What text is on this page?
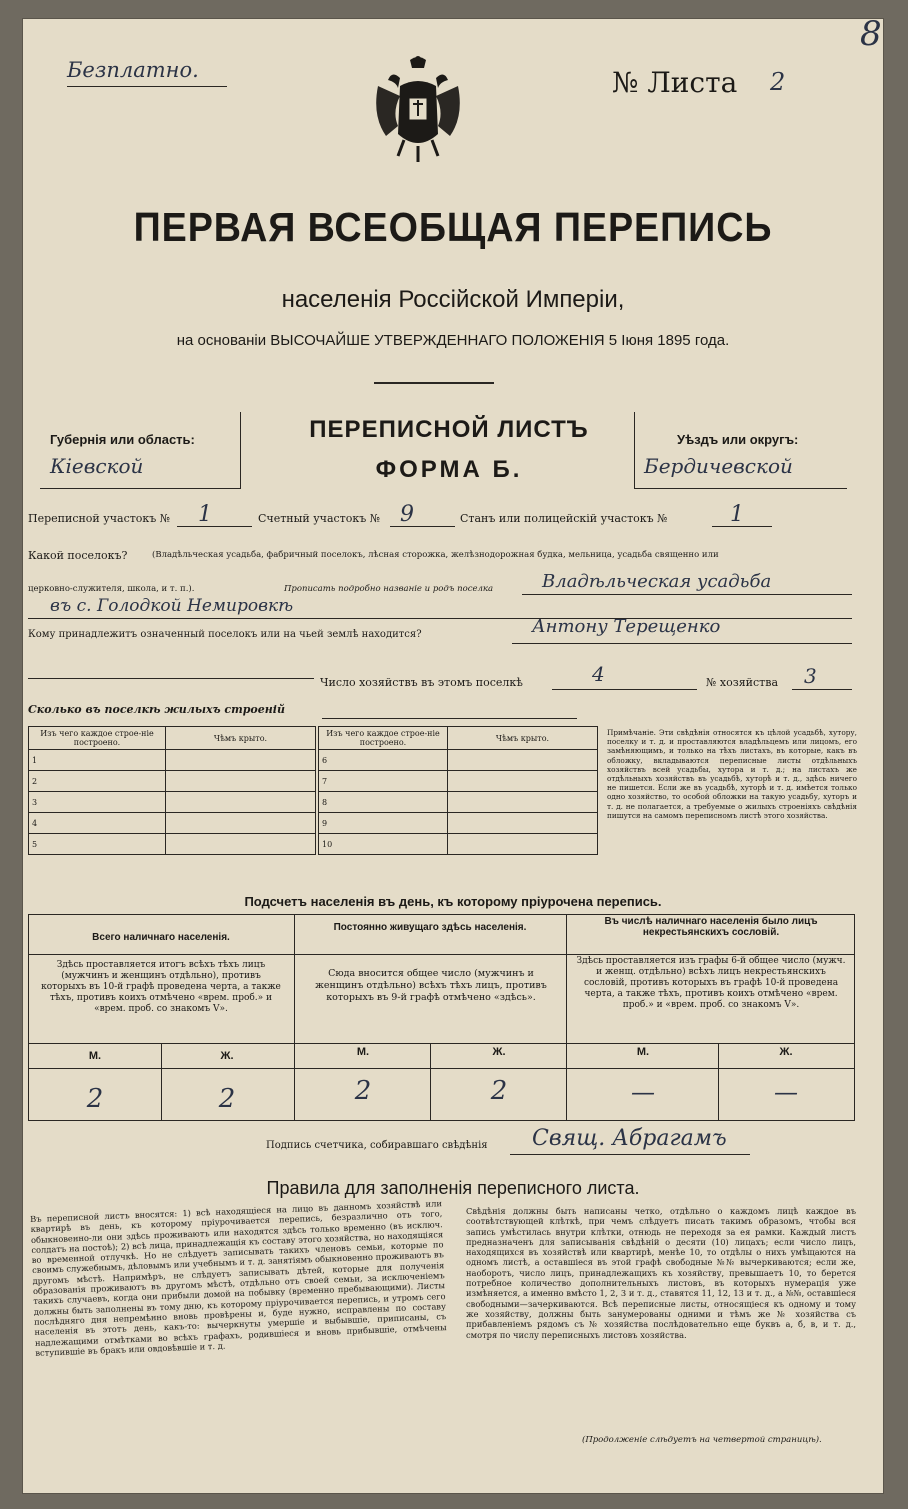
Безплатно.	№ Листа 2
8
ПЕРВАЯ ВСЕОБЩАЯ ПЕРЕПИСЬ
населенія Россійской Имперіи,
на основаніи ВЫСОЧАЙШЕ УТВЕРЖДЕННАГО ПОЛОЖЕНІЯ 5 Іюня 1895 года.
Губернія или область:
Кіевской
ПЕРЕПИСНОЙ ЛИСТЪ
ФОРМА Б.
Уѣздъ или округъ:
Бердичевской
Переписной участокъ № 1	Счетный участокъ № 9	Станъ или полицейскій участокъ №	1
Какой поселокъ?	(Владѣльческая усадьба, фабричный поселокъ, лѣсная сторожка, желѣзнодорожная будка, мельница, усадьба священно или
церковно-служителя, школа, и т. п.).	Прописать подробно названіе и родъ поселка	Владѣльческая усадьба
въ с. Голодкой Немировкѣ
Кому принадлежитъ означенный поселокъ или на чьей землѣ находится?	Антону Терещенко
Число хозяйствъ въ этомъ поселкѣ	4	№ хозяйства 3
Сколько въ поселкѣ жилыхъ строеній
Изъ чего каждое строе-ніе построено.	Чѣмъ крыто.
1	
2	
3	
4	
5	
Изъ чего каждое строе-ніе построено.	Чѣмъ крыто.
6	
7	
8	
9	
10	
Примѣчаніе. Эти свѣдѣнія относятся къ цѣлой усадьбѣ, хутору, поселку и т. д. и проставляются владѣльцемъ или лицомъ, его замѣняющимъ, и только на тѣхъ листахъ, въ которые, какъ въ обложку, вкладываются переписные листы отдѣльныхъ хозяйствъ всей усадьбы, хутора и т. д.; на листахъ же отдѣльныхъ хозяйствъ въ усадьбѣ, хуторѣ и т. д., здѣсь ничего не пишется. Если же въ усадьбѣ, хуторѣ и т. д. имѣется только одно хозяйство, то особой обложки на такую усадьбу, хуторъ и т. д. не полагается, а требуемые о жилыхъ строеніяхъ свѣдѣнія пишутся на самомъ переписномъ листѣ этого хозяйства.
Подсчетъ населенія въ день, къ которому пріурочена перепись.
Всего наличнаго населенія.
Здѣсь проставляется итогъ всѣхъ тѣхъ лицъ (мужчинъ и женщинъ отдѣльно), противъ которыхъ въ 10-й графѣ проведена черта, а также тѣхъ, противъ коихъ отмѣчено «врем. проб.» и «врем. проб. со знакомъ V».
Постоянно живущаго здѣсь населенія.
Сюда вносится общее число (мужчинъ и женщинъ отдѣльно) всѣхъ тѣхъ лицъ, противъ которыхъ въ 9-й графѣ отмѣчено «здѣсь».
Въ числѣ наличнаго населенія было лицъ некрестьянскихъ сословій.
Здѣсь проставляется изъ графы 6-й общее число (мужч. и женщ. отдѣльно) всѣхъ лицъ некрестьянскихъ сословій, противъ которыхъ въ графѣ 10-й проведена черта, а также тѣхъ, противъ коихъ отмѣчено «врем. проб.» и «врем. проб. со знакомъ V».
М.	Ж.	М.	Ж.	М.	Ж.
2	2	2	2	—	—
Подпись счетчика, собиравшаго свѣдѣнія Свящ. Абрагамъ
Правила для заполненія переписного листа.
Въ переписной листъ вносятся: 1) всѣ находящіеся на лицо въ данномъ хозяйствѣ или квартирѣ въ день, къ которому пріурочивается перепись, безразлично отъ того, обыкновенно-ли они здѣсь проживаютъ или находятся здѣсь только временно (въ исключ. солдатъ на постоѣ); 2) всѣ лица, принадлежащія къ составу этого хозяйства, но находящіяся во временной отлучкѣ. Но не слѣдуетъ записывать такихъ членовъ семьи, которые по своимъ служебнымъ, дѣловымъ или учебнымъ и т. д. занятіямъ обыкновенно проживаютъ въ другомъ мѣстѣ. Напримѣръ, не слѣдуетъ записывать дѣтей, которые для полученія образованія проживаютъ въ другомъ мѣстѣ, отдѣльно отъ своей семьи, за исключеніемъ такихъ случаевъ, когда они прибыли домой на побывку (временно пребывающими). Листы должны быть заполнены въ тому дню, къ которому пріурочивается перепись, и утромъ сего послѣдняго дня непремѣнно вновь провѣрены и, буде нужно, исправлены по составу населенія въ этотъ день, какъ-то: вычеркнуты умершіе и выбывшіе, приписаны, съ надлежащими отмѣтками во всѣхъ графахъ, родившіеся и вновь прибывшіе, отмѣчены вступившіе въ бракъ или овдовѣвшіе и т. д.
Свѣдѣнія должны быть написаны четко, отдѣльно о каждомъ лицѣ каждое въ соотвѣтствующей клѣткѣ, при чемъ слѣдуетъ писать такимъ образомъ, чтобы вся запись умѣстилась внутри клѣтки, отнюдь не переходя за ея рамки. Каждый листъ предназначенъ для записыванія свѣдѣній о десяти (10) лицахъ; если число лицъ, находящихся въ хозяйствѣ или квартирѣ, менѣе 10, то отдѣлы о нихъ умѣщаются на одномъ листѣ, а оставшіеся въ этой графѣ свободные №№ вычеркиваются; если же, наоборотъ, число лицъ, принадлежащихъ къ хозяйству, превышаетъ 10, то берется потребное количество дополнительныхъ листовъ, въ которыхъ нумерація уже измѣняется, а именно вмѣсто 1, 2, 3 и т. д., ставятся 11, 12, 13 и т. д., а №№, оставшіеся свободными—зачеркиваются. Всѣ переписные листы, относящіеся къ одному и тому же хозяйству, должны быть занумерованы одними и тѣмъ же № хозяйства съ прибавленіемъ рядомъ съ № хозяйства послѣдовательно еще буквъ а, б, в, и т. д., смотря по числу переписныхъ листовъ хозяйства.
(Продолженіе слѣдуетъ на четвертой страницѣ).
